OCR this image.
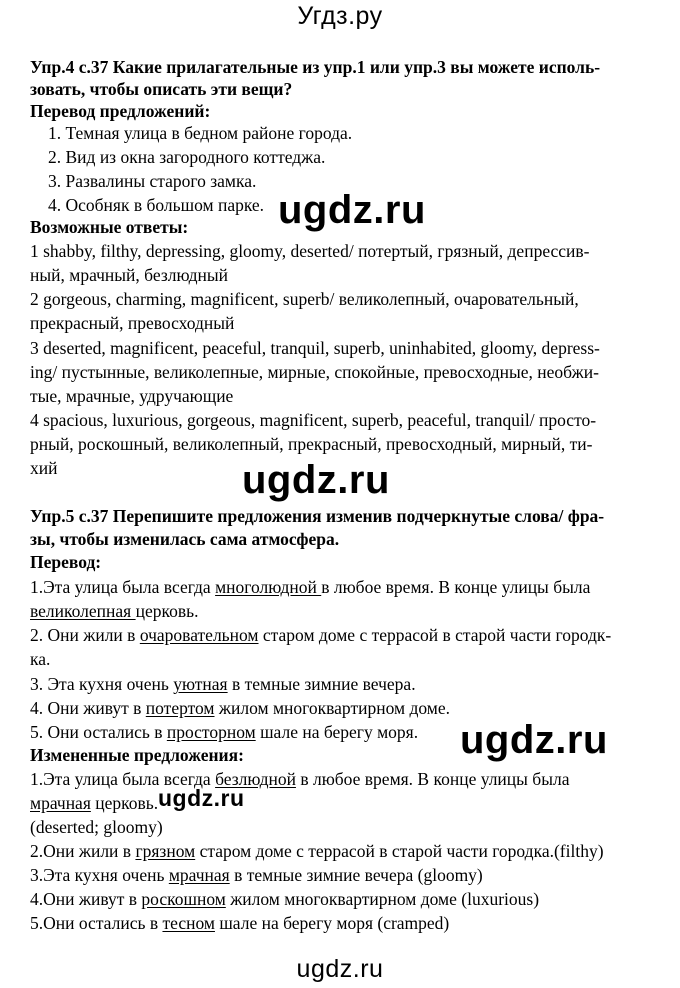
Угдз.ру
Упр.4 с.37 Какие прилагательные из упр.1 или упр.3 вы можете исполь-
зовать, чтобы описать эти вещи?
Перевод предложений:
1. Темная улица в бедном районе города.
2. Вид из окна загородного коттеджа.
3. Развалины старого замка.
4. Особняк в большом парке.
Возможные ответы:
1 shabby, filthy, depressing, gloomy, deserted/ потертый, грязный, депрессив-
ный, мрачный, безлюдный
2 gorgeous, charming, magnificent, superb/ великолепный, очаровательный,
прекрасный, превосходный
3 deserted, magnificent, peaceful, tranquil, superb, uninhabited, gloomy, depress-
ing/ пустынные, великолепные, мирные, спокойные, превосходные, необжи-
тые, мрачные, удручающие
4 spacious, luxurious, gorgeous, magnificent, superb, peaceful, tranquil/ просто-
рный, роскошный, великолепный, прекрасный, превосходный, мирный, ти-
хий
Упр.5 с.37 Перепишите предложения изменив подчеркнутые слова/ фра-
зы, чтобы изменилась сама атмосфера.
Перевод:
1.Эта улица была всегда многолюдной в любое время. В конце улицы была
великолепная церковь.
2. Они жили в очаровательном старом доме с террасой в старой части городк-
ка.
3. Эта кухня очень уютная в темные зимние вечера.
4. Они живут в потертом жилом многоквартирном доме.
5. Они остались в просторном шале на берегу моря.
Измененные предложения:
1.Эта улица была всегда безлюдной в любое время. В конце улицы была
мрачная церковь.
(deserted; gloomy)
2.Они жили в грязном старом доме с террасой в старой части городка.(filthy)
3.Эта кухня очень мрачная в темные зимние вечера (gloomy)
4.Они живут в роскошном жилом многоквартирном доме (luxurious)
5.Они остались в тесном шале на берегу моря (cramped)
ugdz.ru
ugdz.ru
ugdz.ru
ugdz.ru
ugdz.ru
